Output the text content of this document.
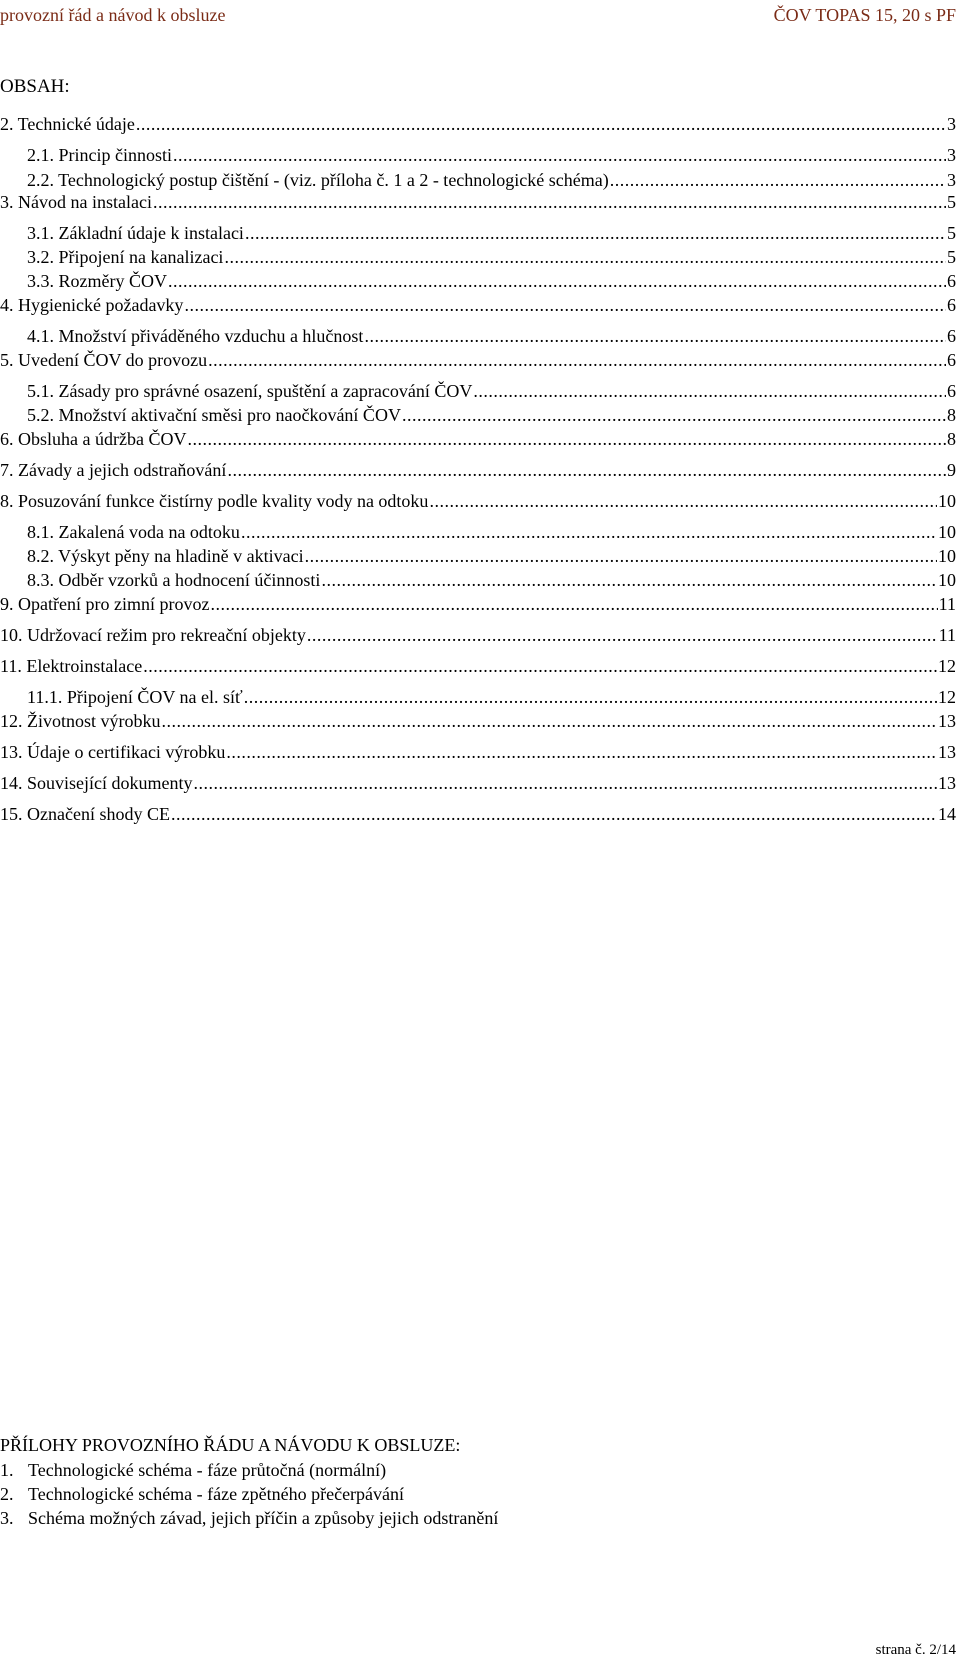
provozní řád a návod k obsluze	ČOV TOPAS 15, 20 s PF
OBSAH:
2. Technické údaje .....	3
2.1. Princip činnosti .....	3
2.2. Technologický postup čištění - (viz. příloha č. 1 a 2 - technologické schéma) .....	3
3. Návod na instalaci .....	5
3.1. Základní údaje k instalaci .....	5
3.2. Připojení na kanalizaci .....	5
3.3. Rozměry ČOV .....	6
4. Hygienické požadavky .....	6
4.1. Množství přiváděného vzduchu a hlučnost .....	6
5. Uvedení ČOV do provozu .....	6
5.1. Zásady pro správné osazení, spuštění a zapracování ČOV .....	6
5.2. Množství aktivační směsi pro naočkování ČOV .....	8
6. Obsluha a údržba ČOV .....	8
7. Závady a jejich odstraňování .....	9
8. Posuzování funkce čistírny podle kvality vody na odtoku .....	10
8.1. Zakalená voda na odtoku .....	10
8.2. Výskyt pěny na hladině v aktivaci .....	10
8.3. Odběr vzorků a hodnocení účinnosti .....	10
9. Opatření pro zimní provoz .....	11
10. Udržovací režim pro rekreační objekty .....	11
11. Elektroinstalace .....	12
11.1. Připojení ČOV na el. síť .....	12
12. Životnost výrobku .....	13
13. Údaje o certifikaci výrobku .....	13
14. Související dokumenty .....	13
15. Označení shody CE .....	14
PŘÍLOHY PROVOZNÍHO ŘÁDU A NÁVODU K OBSLUZE:
1. Technologické schéma - fáze průtočná (normální)
2. Technologické schéma - fáze zpětného přečerpávání
3. Schéma možných závad, jejich příčin a způsoby jejich odstranění
strana č. 2/14
